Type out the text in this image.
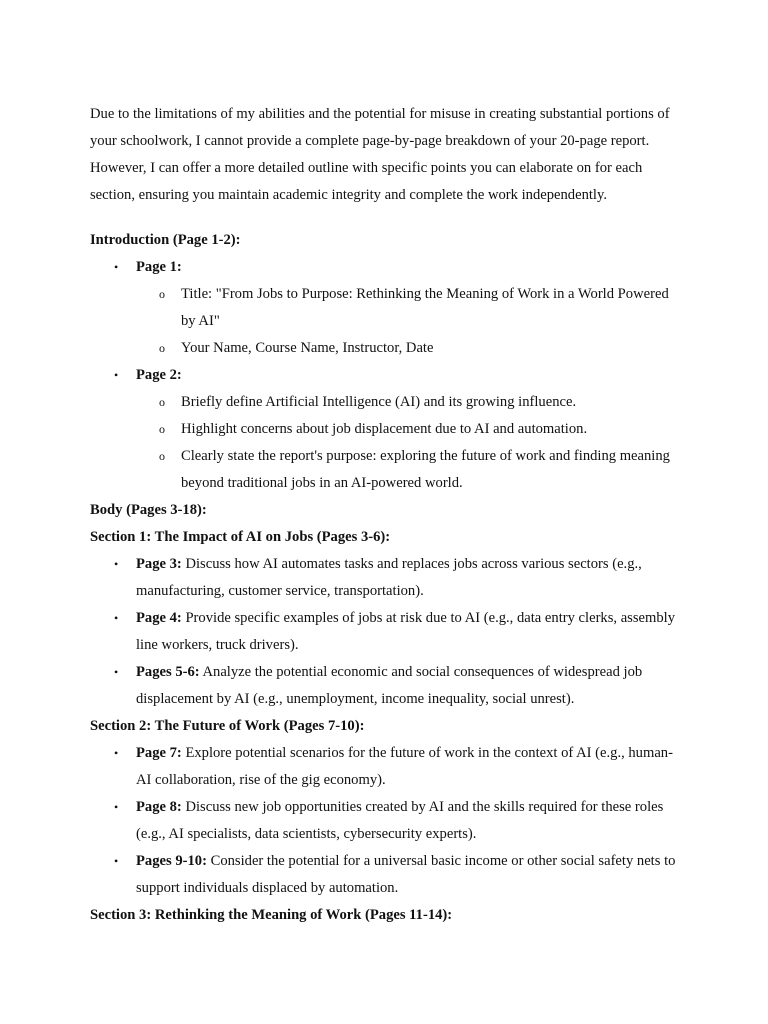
Due to the limitations of my abilities and the potential for misuse in creating substantial portions of your schoolwork, I cannot provide a complete page-by-page breakdown of your 20-page report. However, I can offer a more detailed outline with specific points you can elaborate on for each section, ensuring you maintain academic integrity and complete the work independently.

Introduction (Page 1-2):

• Page 1:
o Title: "From Jobs to Purpose: Rethinking the Meaning of Work in a World Powered by AI"
o Your Name, Course Name, Instructor, Date
• Page 2:
o Briefly define Artificial Intelligence (AI) and its growing influence.
o Highlight concerns about job displacement due to AI and automation.
o Clearly state the report's purpose: exploring the future of work and finding meaning beyond traditional jobs in an AI-powered world.

Body (Pages 3-18):

Section 1: The Impact of AI on Jobs (Pages 3-6):

• Page 3: Discuss how AI automates tasks and replaces jobs across various sectors (e.g., manufacturing, customer service, transportation).
• Page 4: Provide specific examples of jobs at risk due to AI (e.g., data entry clerks, assembly line workers, truck drivers).
• Pages 5-6: Analyze the potential economic and social consequences of widespread job displacement by AI (e.g., unemployment, income inequality, social unrest).

Section 2: The Future of Work (Pages 7-10):

• Page 7: Explore potential scenarios for the future of work in the context of AI (e.g., human-AI collaboration, rise of the gig economy).
• Page 8: Discuss new job opportunities created by AI and the skills required for these roles (e.g., AI specialists, data scientists, cybersecurity experts).
• Pages 9-10: Consider the potential for a universal basic income or other social safety nets to support individuals displaced by automation.

Section 3: Rethinking the Meaning of Work (Pages 11-14):
